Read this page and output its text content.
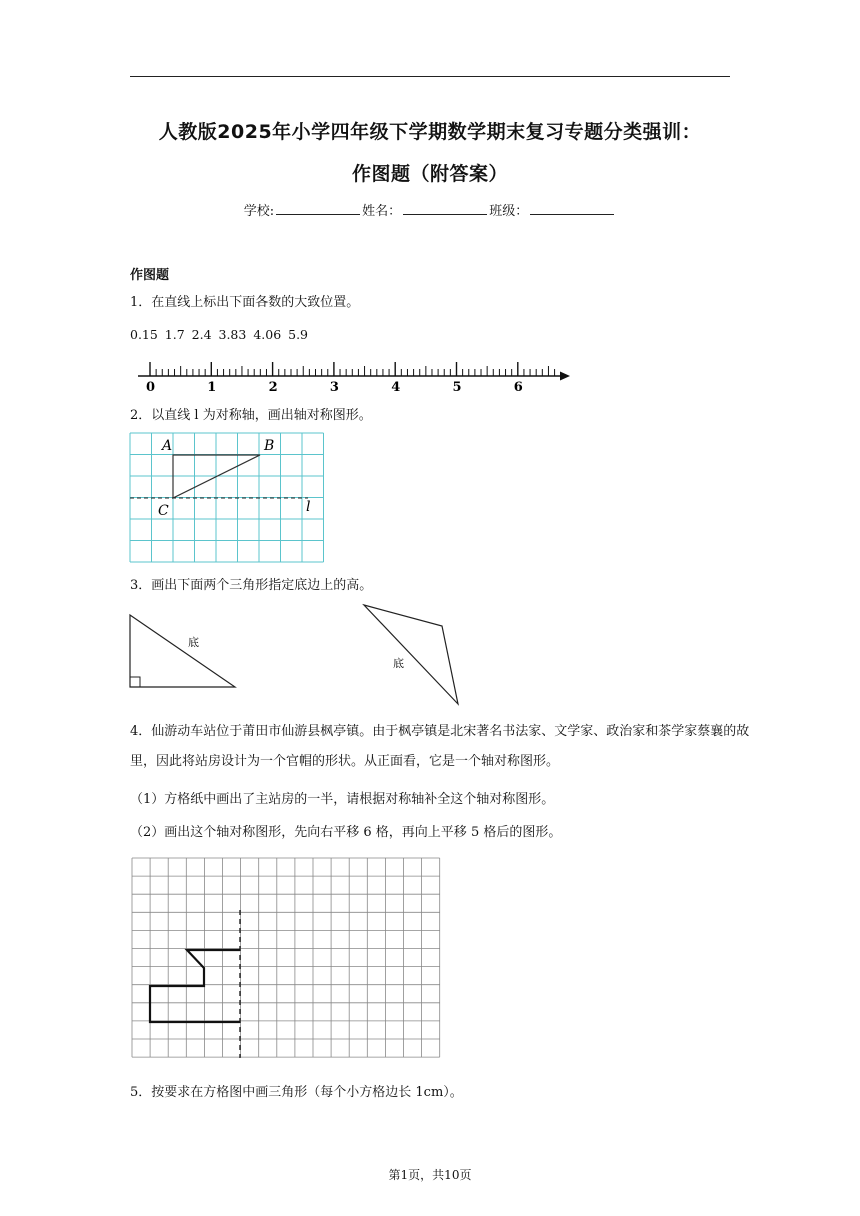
人教版2025年小学四年级下学期数学期末复习专题分类强训：
作图题（附答案）
学校:	姓名：	班级：
作图题
1．在直线上标出下面各数的大致位置。
0.15 1.7 2.4 3.83 4.06 5.9
0	1	2	3	4	5	6
2．以直线 l 为对称轴，画出轴对称图形。
A	B
C	l
3．画出下面两个三角形指定底边上的高。
底
底
4．仙游动车站位于莆田市仙游县枫亭镇。由于枫亭镇是北宋著名书法家、文学家、政治家和茶学家蔡襄的故里，因此将站房设计为一个官帽的形状。从正面看，它是一个轴对称图形。
（1）方格纸中画出了主站房的一半，请根据对称轴补全这个轴对称图形。
（2）画出这个轴对称图形，先向右平移 6 格，再向上平移 5 格后的图形。
5．按要求在方格图中画三角形（每个小方格边长 1cm）。
第1页，共10页
